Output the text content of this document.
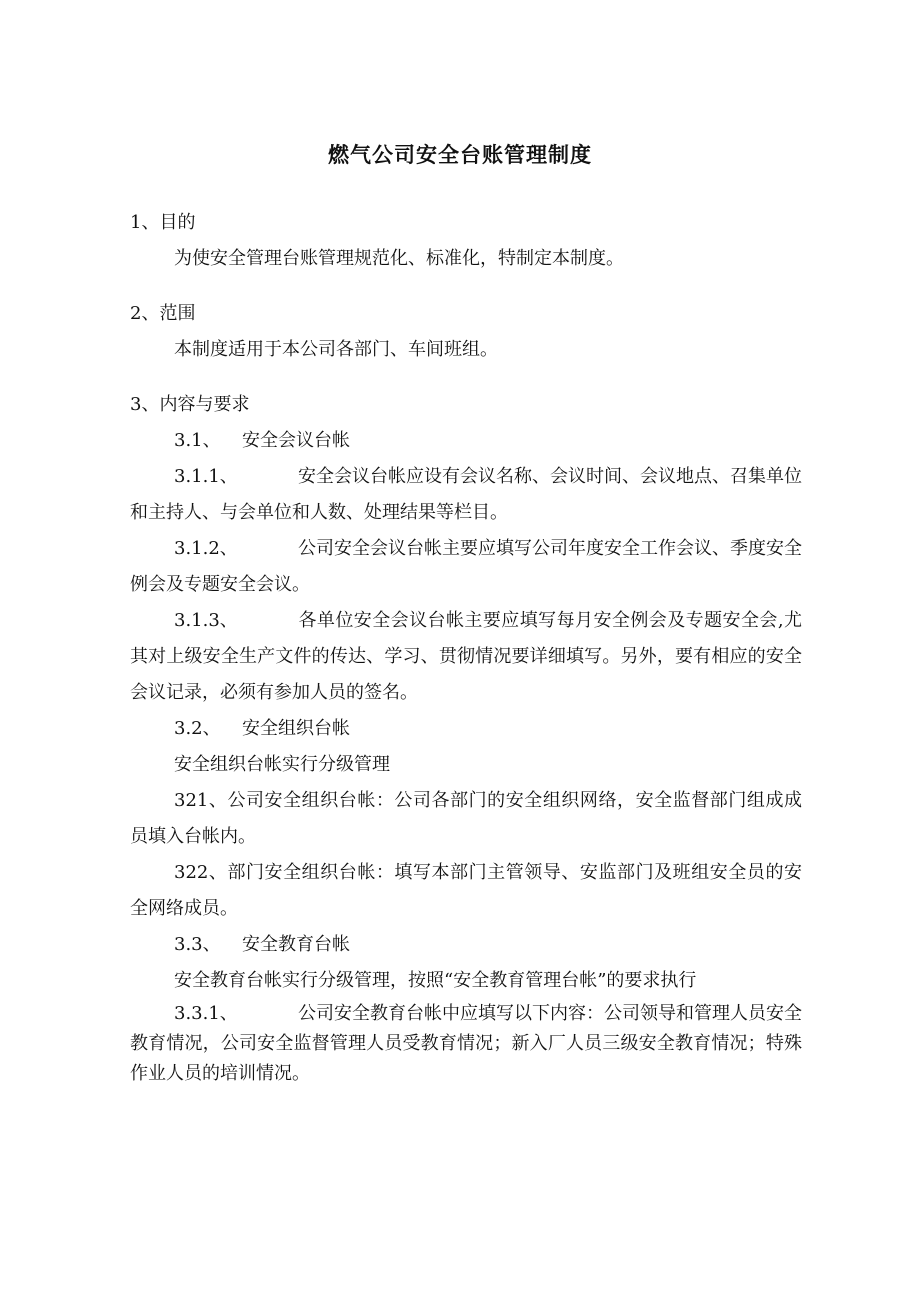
燃气公司安全台账管理制度

1、目的

为使安全管理台账管理规范化、标准化，特制定本制度。

2、范围

本制度适用于本公司各部门、车间班组。

3、内容与要求

3.1、 安全会议台帐

3.1.1、	安全会议台帐应设有会议名称、会议时间、会议地点、召集单位和主持人、与会单位和人数、处理结果等栏目。

3.1.2、	公司安全会议台帐主要应填写公司年度安全工作会议、季度安全例会及专题安全会议。

3.1.3、	各单位安全会议台帐主要应填写每月安全例会及专题安全会,尤其对上级安全生产文件的传达、学习、贯彻情况要详细填写。另外，要有相应的安全会议记录，必须有参加人员的签名。

3.2、 安全组织台帐

安全组织台帐实行分级管理

321、公司安全组织台帐：公司各部门的安全组织网络，安全监督部门组成成员填入台帐内。

322、部门安全组织台帐：填写本部门主管领导、安监部门及班组安全员的安全网络成员。

3.3、 安全教育台帐

安全教育台帐实行分级管理，按照“安全教育管理台帐”的要求执行

3.3.1、	公司安全教育台帐中应填写以下内容：公司领导和管理人员安全教育情况，公司安全监督管理人员受教育情况；新入厂人员三级安全教育情况；特殊作业人员的培训情况。
